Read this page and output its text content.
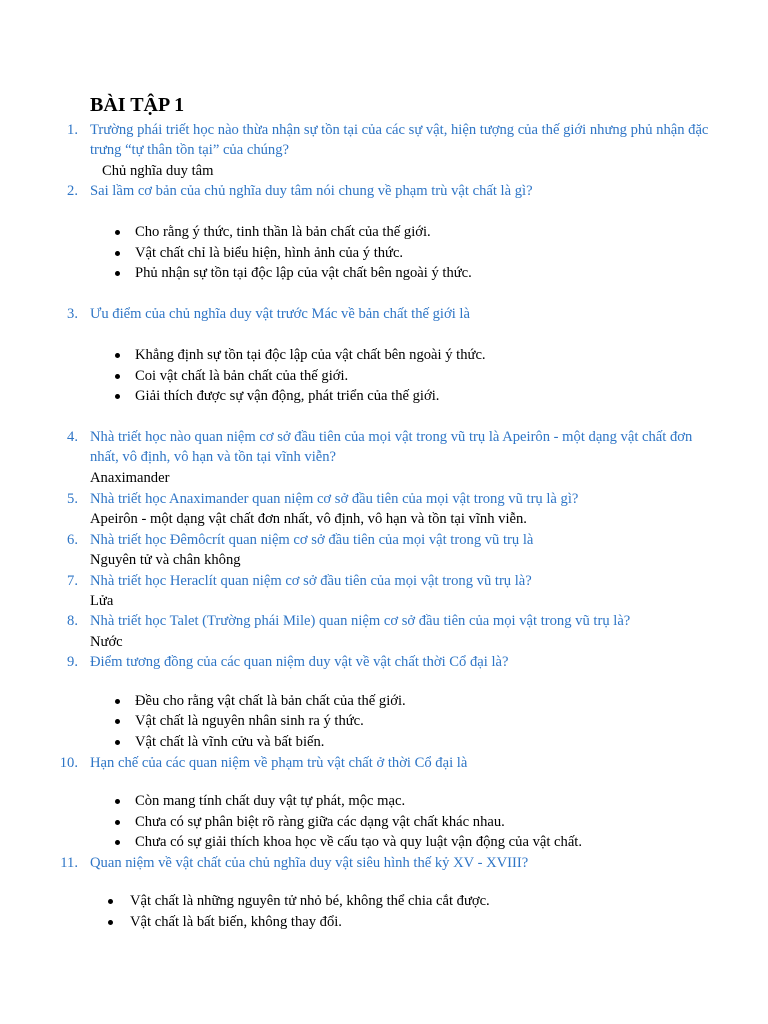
BÀI TẬP 1
1. Trường phái triết học nào thừa nhận sự tồn tại của các sự vật, hiện tượng của thế giới nhưng phủ nhận đặc trưng “tự thân tồn tại” của chúng?
Chủ nghĩa duy tâm
2. Sai lầm cơ bản của chủ nghĩa duy tâm nói chung về phạm trù vật chất là gì?
Cho rằng ý thức, tinh thần là bản chất của thế giới.
Vật chất chỉ là biểu hiện, hình ảnh của ý thức.
Phủ nhận sự tồn tại độc lập của vật chất bên ngoài ý thức.
3. Ưu điểm của chủ nghĩa duy vật trước Mác về bản chất thế giới là
Khẳng định sự tồn tại độc lập của vật chất bên ngoài ý thức.
Coi vật chất là bản chất của thế giới.
Giải thích được sự vận động, phát triển của thế giới.
4. Nhà triết học nào quan niệm cơ sở đầu tiên của mọi vật trong vũ trụ là Apeirôn - một dạng vật chất đơn nhất, vô định, vô hạn và tồn tại vĩnh viễn?
Anaximander
5. Nhà triết học Anaximander quan niệm cơ sở đầu tiên của mọi vật trong vũ trụ là gì?
Apeirôn - một dạng vật chất đơn nhất, vô định, vô hạn và tồn tại vĩnh viễn.
6. Nhà triết học Đêmôcrít quan niệm cơ sở đầu tiên của mọi vật trong vũ trụ là
Nguyên tử và chân không
7. Nhà triết học Heraclít quan niệm cơ sở đầu tiên của mọi vật trong vũ trụ là?
Lửa
8. Nhà triết học Talet (Trường phái Mile) quan niệm cơ sở đầu tiên của mọi vật trong vũ trụ là?
Nước
9. Điểm tương đồng của các quan niệm duy vật về vật chất thời Cổ đại là?
Đều cho rằng vật chất là bản chất của thế giới.
Vật chất là nguyên nhân sinh ra ý thức.
Vật chất là vĩnh cửu và bất biến.
10. Hạn chế của các quan niệm về phạm trù vật chất ở thời Cổ đại là
Còn mang tính chất duy vật tự phát, mộc mạc.
Chưa có sự phân biệt rõ ràng giữa các dạng vật chất khác nhau.
Chưa có sự giải thích khoa học về cấu tạo và quy luật vận động của vật chất.
11. Quan niệm về vật chất của chủ nghĩa duy vật siêu hình thế kỷ XV - XVIII?
Vật chất là những nguyên tử nhỏ bé, không thể chia cắt được.
Vật chất là bất biến, không thay đổi.
